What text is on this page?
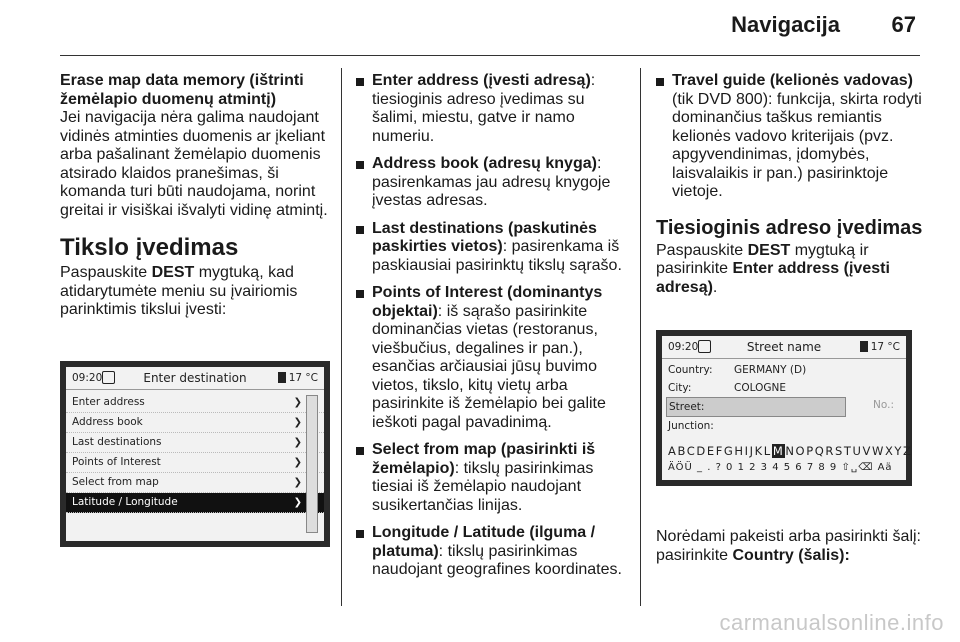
Navigacija 67

Erase map data memory (ištrinti žemėlapio duomenų atmintį)

Jei navigacija nėra galima naudojant vidinės atminties duomenis ar įkeliant arba pašalinant žemėlapio duomenis atsirado klaidos pranešimas, ši komanda turi būti naudojama, norint greitai ir visiškai išvalyti vidinę atmintį.

Tikslo įvedimas

Paspauskite DEST mygtuką, kad atidarytumėte meniu su įvairiomis parinktimis tikslui įvesti:

09:20	Enter destination	17 °C
Enter address	❯
Address book	❯
Last destinations	❯
Points of Interest	❯
Select from map	❯
Latitude / Longitude	❯
Enter address (įvesti adresą): tiesioginis adreso įvedimas su šalimi, miestu, gatve ir namo numeriu.
Address book (adresų knyga): pasirenkamas jau adresų knygoje įvestas adresas.
Last destinations (paskutinės paskirties vietos): pasirenkama iš paskiausiai pasirinktų tikslų sąrašo.
Points of Interest (dominantys objektai): iš sąrašo pasirinkite dominančias vietas (restoranus, viešbučius, degalines ir pan.), esančias arčiausiai jūsų buvimo vietos, tikslo, kitų vietų arba pasirinkite iš žemėlapio bei galite ieškoti pagal pavadinimą.
Select from map (pasirinkti iš žemėlapio): tikslų pasirinkimas tiesiai iš žemėlapio naudojant susikertančias linijas.
Longitude / Latitude (ilguma / platuma): tikslų pasirinkimas naudojant geografines koordinates.
Travel guide (kelionės vadovas) (tik DVD 800): funkcija, skirta rodyti dominančius taškus remiantis kelionės vadovo kriterijais (pvz. apgyvendinimas, įdomybės, laisvalaikis ir pan.) pasirinktoje vietoje.
Tiesioginis adreso įvedimas

Paspauskite DEST mygtuką ir pasirinkite Enter address (įvesti adresą).

09:20	Street name	17 °C
Country: GERMANY (D)
City:	COLOGNE
Street:	No.:
Junction:
ABCDEFGHIJKLMNOPQRSTUVWXYZ
ÄÖÜ _ . ? 0 1 2 3 4 5 6 7 8 9 ⇧␣⌫ Aä

Norėdami pakeisti arba pasirinkti šalį: pasirinkite Country (šalis):

carmanualsonline.info
